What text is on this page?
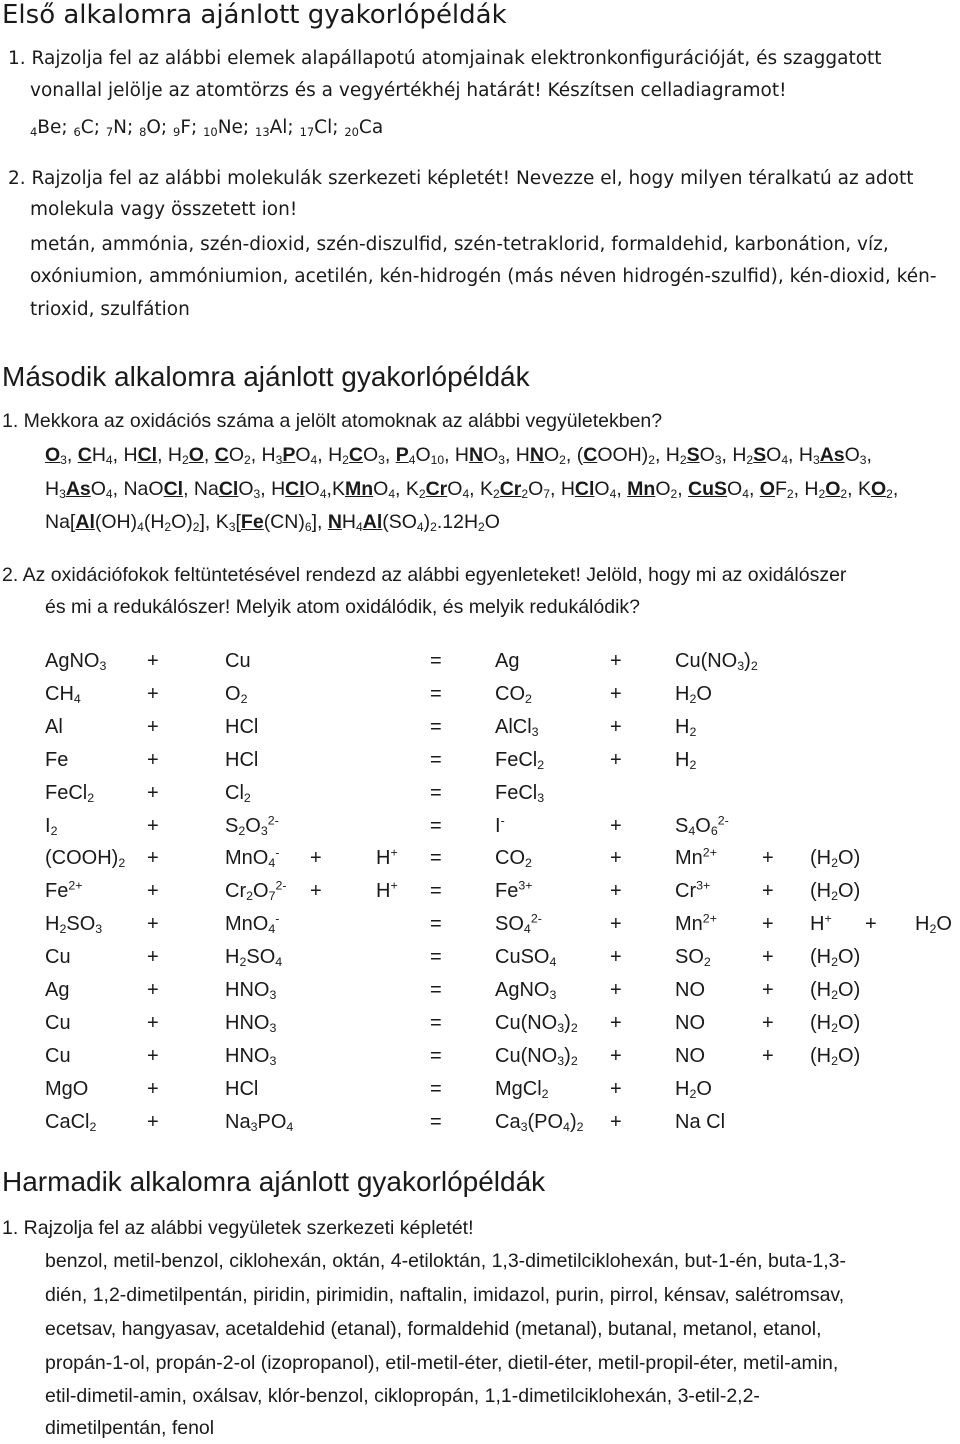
Első alkalomra ajánlott gyakorlópéldák
1. Rajzolja fel az alábbi elemek alapállapotú atomjainak elektronkonfigurációját, és szaggatott
vonallal jelölje az atomtörzs és a vegyértékhéj határát! Készítsen celladiagramot!
$_4$Be; $_6$C; $_7$N; $_8$O; $_9$F; $_{10}$Ne; $_{13}$Al; $_{17}$Cl; $_{20}$Ca
2. Rajzolja fel az alábbi molekulák szerkezeti képletét! Nevezze el, hogy milyen téralkatú az adott
molekula vagy összetett ion!
metán, ammónia, szén-dioxid, szén-diszulfid, szén-tetraklorid, formaldehid, karbonátion, víz,
oxóniumion, ammóniumion, acetilén, kén-hidrogén (más néven hidrogén-szulfid), kén-dioxid, kén-
trioxid, szulfátion
Második alkalomra ajánlott gyakorlópéldák
1. Mekkora az oxidációs száma a jelölt atomoknak az alábbi vegyületekben?
$O_3$, $CH_4$, HCl, $H_2O$, $CO_2$, $H_3PO_4$, $H_2CO_3$, $P_4O_{10}$, $HNO_3$, $HNO_2$, $(COOH)_2$, $H_2SO_3$, $H_2SO_4$, $H_3AsO_3$,
$H_3AsO_4$, NaOCl, NaClO$_3$, HClO$_4$,KMnO$_4$, $K_2CrO_4$, $K_2Cr_2O_7$, HClO$_4$, MnO$_2$, CuSO$_4$, $OF_2$, $H_2O_2$, $KO_2$,
$Na[Al(OH)_4(H_2O)_2]$, $K_3[Fe(CN)_6]$, $NH_4Al(SO_4)_2.12H_2O$
2. Az oxidációfokok feltüntetésével rendezd az alábbi egyenleteket! Jelöld, hogy mi az oxidálószer
és mi a redukálószer! Melyik atom oxidálódik, és melyik redukálódik?
AgNO$_3$ +	Cu	=	Ag	+	$Cu(NO_3)_2$
$CH_4$	+	$O_2$	=	$CO_2$	+	$H_2O$
Al	+	HCl	=	AlCl$_3$	+	$H_2$
Fe	+	HCl	=	FeCl$_2$	+	$H_2$
FeCl$_2$	+	$Cl_2$	=	FeCl$_3$
$I_2$	+	$S_2O_3^{2-}$	=	I-	+	$S_4O_6^{2-}$
$(COOH)_2$ +	MnO$_4$- +	H+ =	$CO_2$	+	$Mn^{2+} + (H_2O)$
$Fe^{2+}$	+	$Cr_2O_7^{2-}$ +	H+ =	$Fe^{3+}$	+	$Cr^{3+}$	+ $(H_2O)$
$H_2SO_3$ +	MnO$_4$-	=	$SO_4^{2-}$	+	$Mn^{2+} + H^+ + H_2O$
Cu	+	$H_2SO_4$	=	CuSO$_4$	+	$SO_2$	+ $(H_2O)$
Ag	+	$HNO_3$	=	AgNO$_3$	+	NO	+ $(H_2O)$
Cu	+	$HNO_3$	=	$Cu(NO_3)_2$ +	NO	+ $(H_2O)$
Cu	+	$HNO_3$	=	$Cu(NO_3)_2$ +	NO	+ $(H_2O)$
MgO	+	HCl	=	MgCl$_2$	+	$H_2O$
CaCl$_2$	+	$Na_3PO_4$	=	$Ca_3(PO_4)_2$ +	Na Cl
Harmadik alkalomra ajánlott gyakorlópéldák
1. Rajzolja fel az alábbi vegyületek szerkezeti képletét!
benzol, metil-benzol, ciklohexán, oktán, 4-etiloktán, 1,3-dimetilciklohexán, but-1-én, buta-1,3-
dién, 1,2-dimetilpentán, piridin, pirimidin, naftalin, imidazol, purin, pirrol, kénsav, salétromsav,
ecetsav, hangyasav, acetaldehid (etanal), formaldehid (metanal), butanal, metanol, etanol,
propán-1-ol, propán-2-ol (izopropanol), etil-metil-éter, dietil-éter, metil-propil-éter, metil-amin,
etil-dimetil-amin, oxálsav, klór-benzol, ciklopropán, 1,1-dimetilciklohexán, 3-etil-2,2-
dimetilpentán, fenol
